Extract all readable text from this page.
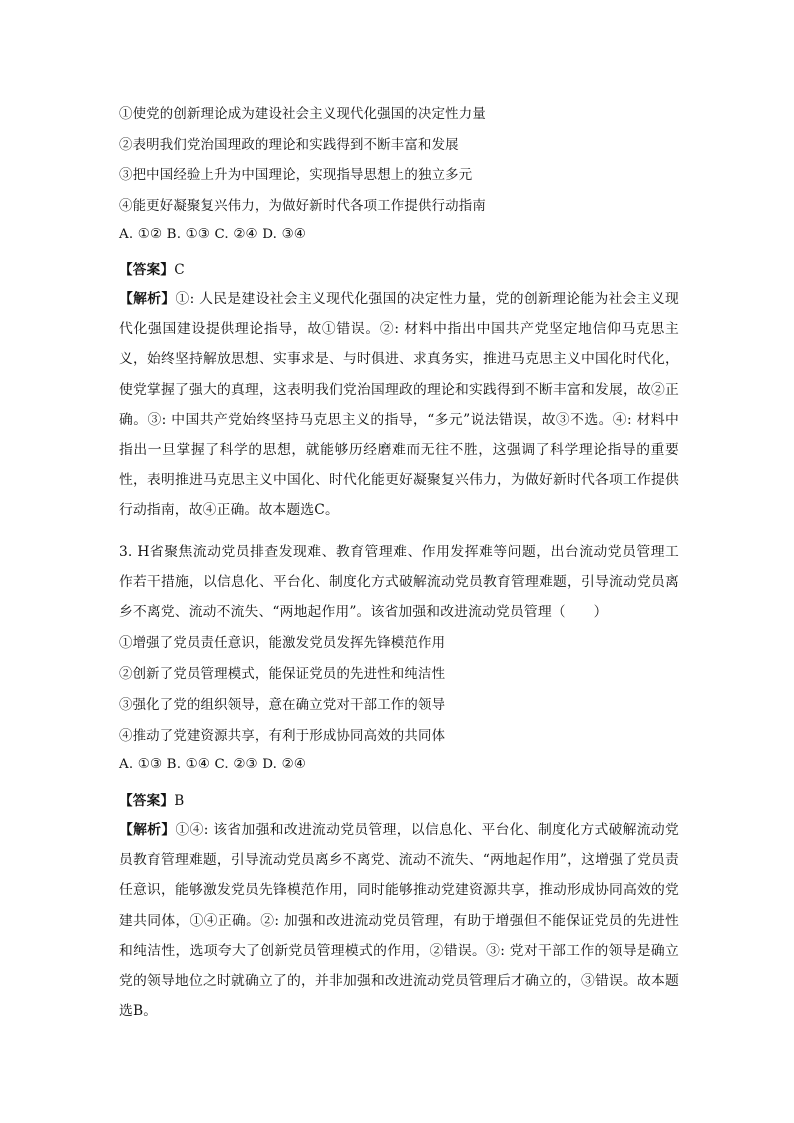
①使党的创新理论成为建设社会主义现代化强国的决定性力量
②表明我们党治国理政的理论和实践得到不断丰富和发展
③把中国经验上升为中国理论，实现指导思想上的独立多元
④能更好凝聚复兴伟力，为做好新时代各项工作提供行动指南
A. ①② B. ①③ C. ②④ D. ③④
【答案】C
【解析】①: 人民是建设社会主义现代化强国的决定性力量，党的创新理论能为社会主义现代化强国建设提供理论指导，故①错误。②: 材料中指出中国共产党坚定地信仰马克思主义，始终坚持解放思想、实事求是、与时俱进、求真务实，推进马克思主义中国化时代化，使党掌握了强大的真理，这表明我们党治国理政的理论和实践得到不断丰富和发展，故②正确。③: 中国共产党始终坚持马克思主义的指导，“多元”说法错误，故③不选。④: 材料中指出一旦掌握了科学的思想，就能够历经磨难而无往不胜，这强调了科学理论指导的重要性，表明推进马克思主义中国化、时代化能更好凝聚复兴伟力，为做好新时代各项工作提供行动指南，故④正确。故本题选C。
3. H省聚焦流动党员排查发现难、教育管理难、作用发挥难等问题，出台流动党员管理工作若干措施，以信息化、平台化、制度化方式破解流动党员教育管理难题，引导流动党员离乡不离党、流动不流失、“两地起作用”。该省加强和改进流动党员管理（　　）
①增强了党员责任意识，能激发党员发挥先锋模范作用
②创新了党员管理模式，能保证党员的先进性和纯洁性
③强化了党的组织领导，意在确立党对干部工作的领导
④推动了党建资源共享，有利于形成协同高效的共同体
A. ①③ B. ①④ C. ②③ D. ②④
【答案】B
【解析】①④: 该省加强和改进流动党员管理，以信息化、平台化、制度化方式破解流动党员教育管理难题，引导流动党员离乡不离党、流动不流失、“两地起作用”，这增强了党员责任意识，能够激发党员先锋模范作用，同时能够推动党建资源共享，推动形成协同高效的党建共同体，①④正确。②: 加强和改进流动党员管理，有助于增强但不能保证党员的先进性和纯洁性，选项夸大了创新党员管理模式的作用，②错误。③: 党对干部工作的领导是确立党的领导地位之时就确立了的，并非加强和改进流动党员管理后才确立的，③错误。故本题选B。
